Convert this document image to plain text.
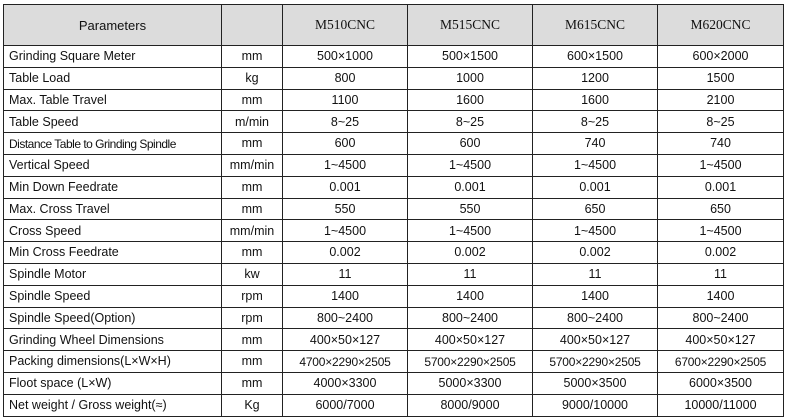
Parameters		M510CNC	M515CNC	M615CNC	M620CNC
Grinding Square Meter	mm	500×1000	500×1500	600×1500	600×2000
Table Load	kg	800	1000	1200	1500
Max. Table Travel	mm	1100	1600	1600	2100
Table Speed	m/min	8~25	8~25	8~25	8~25
Distance Table to Grinding Spindle	mm	600	600	740	740
Vertical Speed	mm/min	1~4500	1~4500	1~4500	1~4500
Min Down Feedrate	mm	0.001	0.001	0.001	0.001
Max. Cross Travel	mm	550	550	650	650
Cross Speed	mm/min	1~4500	1~4500	1~4500	1~4500
Min Cross Feedrate	mm	0.002	0.002	0.002	0.002
Spindle Motor	kw	11	11	11	11
Spindle Speed	rpm	1400	1400	1400	1400
Spindle Speed(Option)	rpm	800~2400	800~2400	800~2400	800~2400
Grinding Wheel Dimensions	mm	400×50×127	400×50×127	400×50×127	400×50×127
Packing dimensions(L×W×H)	mm	4700×2290×2505	5700×2290×2505	5700×2290×2505	6700×2290×2505
Floot space (L×W)	mm	4000×3300	5000×3300	5000×3500	6000×3500
Net weight / Gross weight(≈)	Kg	6000/7000	8000/9000	9000/10000	10000/11000
